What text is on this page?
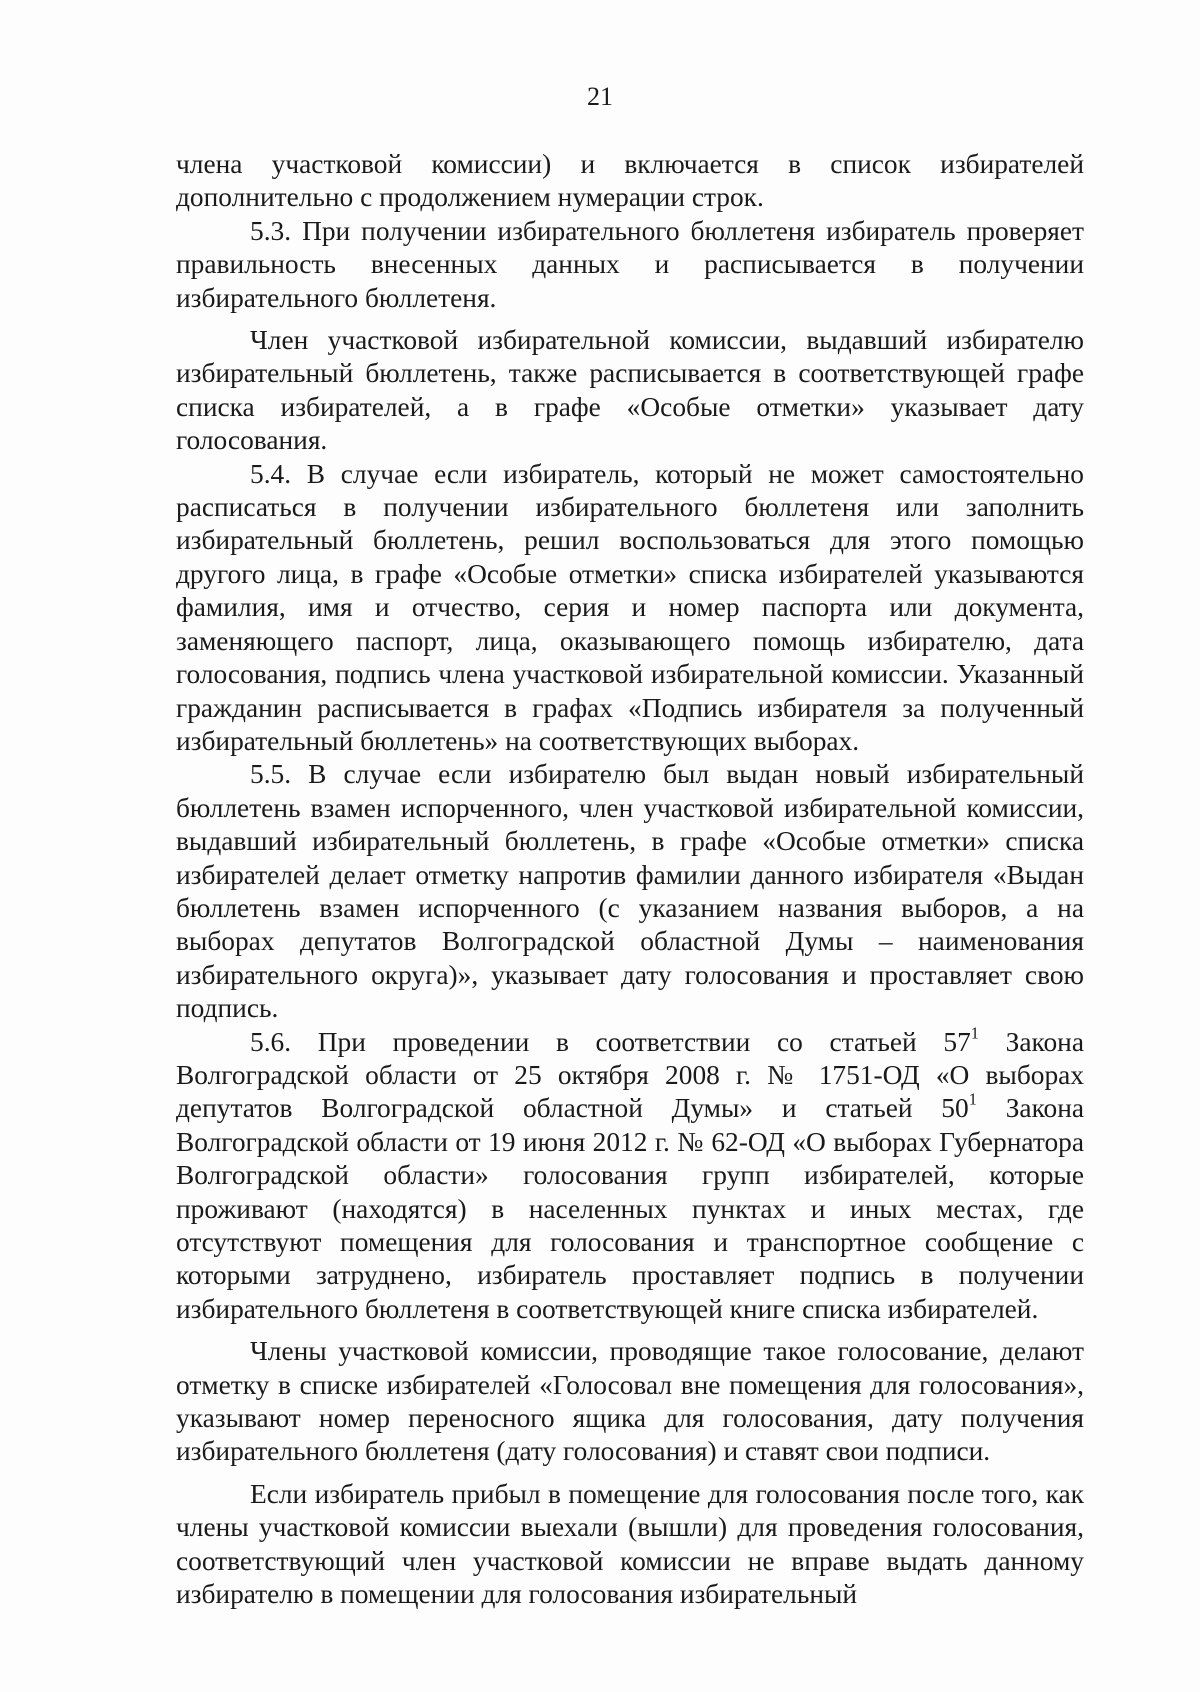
21

члена участковой комиссии) и включается в список избирателей дополнительно с продолжением нумерации строк.

5.3. При получении избирательного бюллетеня избиратель проверяет правильность внесенных данных и расписывается в получении избирательного бюллетеня.

Член участковой избирательной комиссии, выдавший избирателю избирательный бюллетень, также расписывается в соответствующей графе списка избирателей, а в графе «Особые отметки» указывает дату голосования.

5.4. В случае если избиратель, который не может самостоятельно расписаться в получении избирательного бюллетеня или заполнить избирательный бюллетень, решил воспользоваться для этого помощью другого лица, в графе «Особые отметки» списка избирателей указываются фамилия, имя и отчество, серия и номер паспорта или документа, заменяющего паспорт, лица, оказывающего помощь избирателю, дата голосования, подпись члена участковой избирательной комиссии. Указанный гражданин расписывается в графах «Подпись избирателя за полученный избирательный бюллетень» на соответствующих выборах.

5.5. В случае если избирателю был выдан новый избирательный бюллетень взамен испорченного, член участковой избирательной комиссии, выдавший избирательный бюллетень, в графе «Особые отметки» списка избирателей делает отметку напротив фамилии данного избирателя «Выдан бюллетень взамен испорченного (с указанием названия выборов, а на выборах депутатов Волгоградской областной Думы – наименования избирательного округа)», указывает дату голосования и проставляет свою подпись.

5.6. При проведении в соответствии со статьей $57^1$ Закона Волгоградской области от 25 октября 2008 г. № 1751-ОД «О выборах депутатов Волгоградской областной Думы» и статьей $50^1$ Закона Волгоградской области от 19 июня 2012 г. № 62-ОД «О выборах Губернатора Волгоградской области» голосования групп избирателей, которые проживают (находятся) в населенных пунктах и иных местах, где отсутствуют помещения для голосования и транспортное сообщение с которыми затруднено, избиратель проставляет подпись в получении избирательного бюллетеня в соответствующей книге списка избирателей.

Члены участковой комиссии, проводящие такое голосование, делают отметку в списке избирателей «Голосовал вне помещения для голосования», указывают номер переносного ящика для голосования, дату получения избирательного бюллетеня (дату голосования) и ставят свои подписи.

Если избиратель прибыл в помещение для голосования после того, как члены участковой комиссии выехали (вышли) для проведения голосования, соответствующий член участковой комиссии не вправе выдать данному избирателю в помещении для голосования избирательный
